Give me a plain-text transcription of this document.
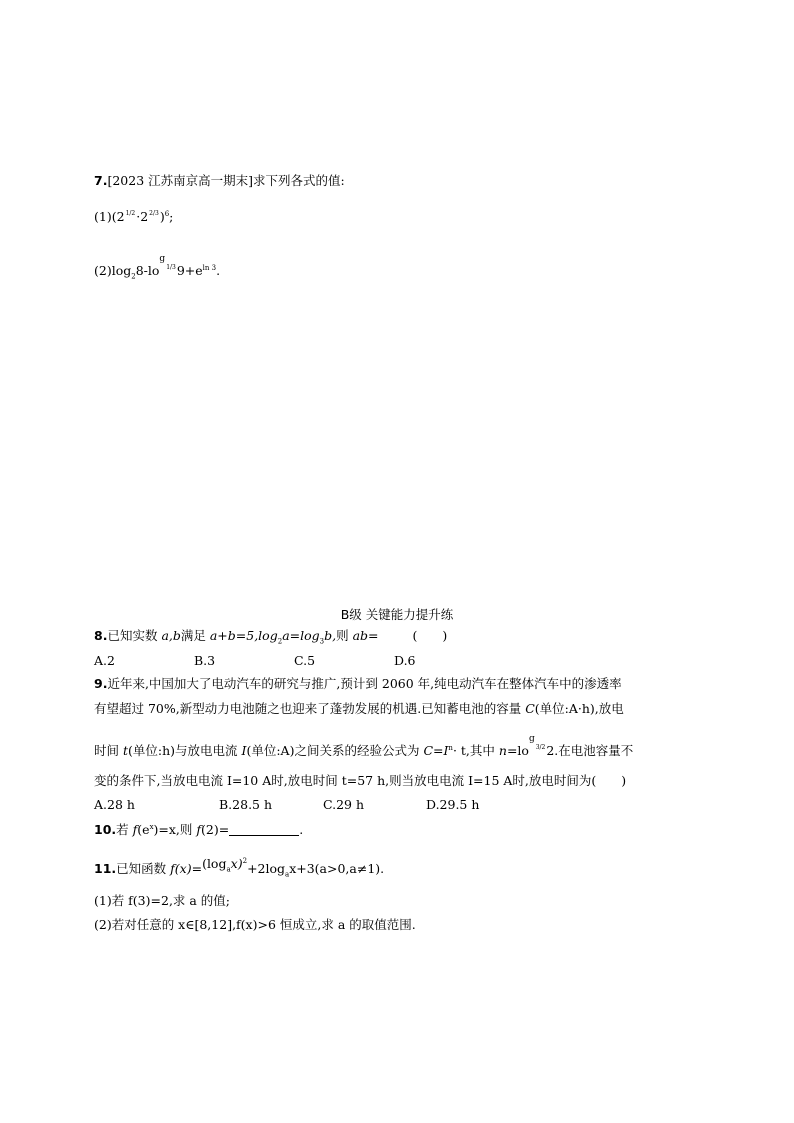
7.[2023 江苏南京高一期末]求下列各式的值:
$(1)(21/2\cdot 22/3)^6$;
$(2)\log_28-lo^g1/39+e^{ln 3}$.
B级 关键能力提升练
8.已知实数 a,b满足 $a+b=5,\log_2a=\log_3b$,则 ab=	(　　)
A.2	B.3	C.5	D.6
9.近年来,中国加大了电动汽车的研究与推广,预计到 2060 年,纯电动汽车在整体汽车中的渗透率
有望超过 70%,新型动力电池随之也迎来了蓬勃发展的机遇.已知蓄电池的容量 C(单位:A·h),放电
时间 t(单位:h)与放电电流 I(单位:A)之间关系的经验公式为 $C=I^n\cdot t$,其中 $n=lo^g3/22$.在电池容量不
变的条件下,当放电电流 I=10 A时,放电时间 t=57 h,则当放电电流 I=15 A时,放电时间为(　　)
A.28 h	B.28.5 h	C.29 h	D.29.5 h
10.若 $f(e^x)=x$,则 f(2)=	.
11.已知函数 $f(x)=(\log_ax)^2+2\log_ax+3(a>0,a\ne 1)$.
(1)若 f(3)=2,求 a 的值;
(2)若对任意的 x∈[8,12],f(x)>6 恒成立,求 a 的取值范围.
